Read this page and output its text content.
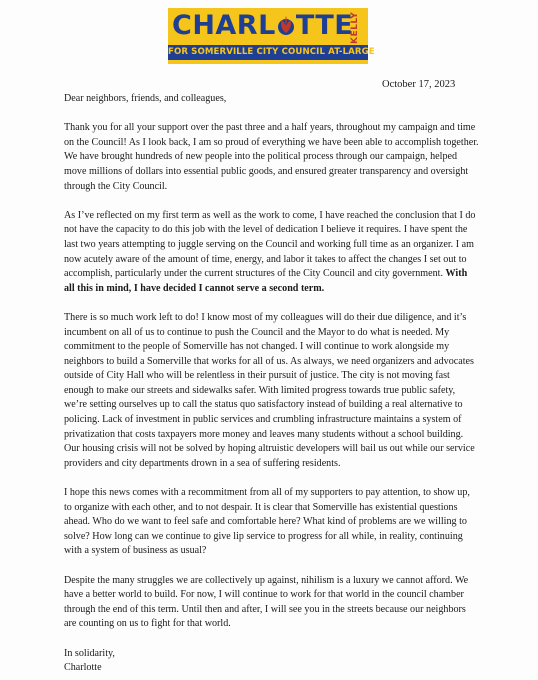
CHARL TTE
KELLY
FOR SOMERVILLE CITY COUNCIL AT-LARGE
October 17, 2023

Dear neighbors, friends, and colleagues,

Thank you for all your support over the past three and a half years, throughout my campaign and time on the Council! As I look back, I am so proud of everything we have been able to accomplish together. We have brought hundreds of new people into the political process through our campaign, helped move millions of dollars into essential public goods, and ensured greater transparency and oversight through the City Council.

As I’ve reflected on my first term as well as the work to come, I have reached the conclusion that I do not have the capacity to do this job with the level of dedication I believe it requires. I have spent the last two years attempting to juggle serving on the Council and working full time as an organizer. I am now acutely aware of the amount of time, energy, and labor it takes to affect the changes I set out to accomplish, particularly under the current structures of the City Council and city government. With all this in mind, I have decided I cannot serve a second term.

There is so much work left to do! I know most of my colleagues will do their due diligence, and it’s incumbent on all of us to continue to push the Council and the Mayor to do what is needed. My commitment to the people of Somerville has not changed. I will continue to work alongside my neighbors to build a Somerville that works for all of us. As always, we need organizers and advocates outside of City Hall who will be relentless in their pursuit of justice. The city is not moving fast enough to make our streets and sidewalks safer. With limited progress towards true public safety, we’re setting ourselves up to call the status quo satisfactory instead of building a real alternative to policing. Lack of investment in public services and crumbling infrastructure maintains a system of privatization that costs taxpayers more money and leaves many students without a school building. Our housing crisis will not be solved by hoping altruistic developers will bail us out while our service providers and city departments drown in a sea of suffering residents.

I hope this news comes with a recommitment from all of my supporters to pay attention, to show up, to organize with each other, and to not despair. It is clear that Somerville has existential questions ahead. Who do we want to feel safe and comfortable here? What kind of problems are we willing to solve? How long can we continue to give lip service to progress for all while, in reality, continuing with a system of business as usual?

Despite the many struggles we are collectively up against, nihilism is a luxury we cannot afford. We have a better world to build. For now, I will continue to work for that world in the council chamber through the end of this term. Until then and after, I will see you in the streets because our neighbors are counting on us to fight for that world.

In solidarity,

Charlotte
